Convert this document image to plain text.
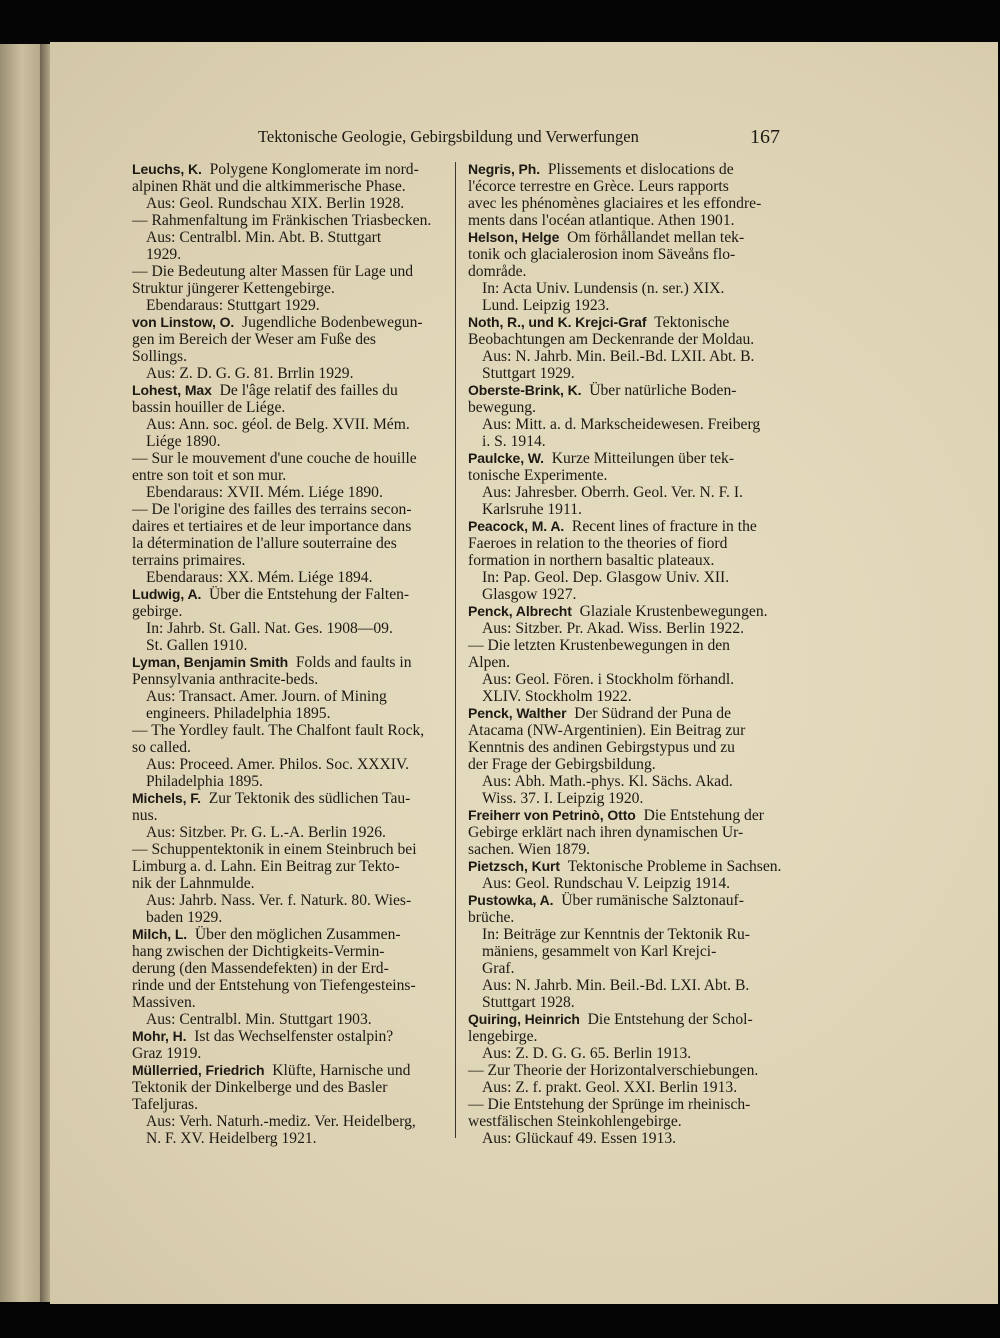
Tektonische Geologie, Gebirgsbildung und Verwerfungen	167
Leuchs, K.  Polygene Konglomerate im nord-
alpinen Rhät und die altkimmerische Phase.
Aus: Geol. Rundschau XIX. Berlin 1928.
— Rahmenfaltung im Fränkischen Triasbecken.
Aus: Centralbl. Min. Abt. B. Stuttgart
1929.
— Die Bedeutung alter Massen für Lage und
Struktur jüngerer Kettengebirge.
Ebendaraus: Stuttgart 1929.
von Linstow, O.  Jugendliche Bodenbewegun-
gen im Bereich der Weser am Fuße des
Sollings.
Aus: Z. D. G. G. 81. Brrlin 1929.
Lohest, Max  De l'âge relatif des failles du
bassin houiller de Liége.
Aus: Ann. soc. géol. de Belg. XVII. Mém.
Liége 1890.
— Sur le mouvement d'une couche de houille
entre son toit et son mur.
Ebendaraus: XVII. Mém. Liége 1890.
— De l'origine des failles des terrains secon-
daires et tertiaires et de leur importance dans
la détermination de l'allure souterraine des
terrains primaires.
Ebendaraus: XX. Mém. Liége 1894.
Ludwig, A.  Über die Entstehung der Falten-
gebirge.
In: Jahrb. St. Gall. Nat. Ges. 1908—09.
St. Gallen 1910.
Lyman, Benjamin Smith  Folds and faults in
Pennsylvania anthracite-beds.
Aus: Transact. Amer. Journ. of Mining
engineers. Philadelphia 1895.
— The Yordley fault. The Chalfont fault Rock,
so called.
Aus: Proceed. Amer. Philos. Soc. XXXIV.
Philadelphia 1895.
Michels, F.  Zur Tektonik des südlichen Tau-
nus.
Aus: Sitzber. Pr. G. L.-A. Berlin 1926.
— Schuppentektonik in einem Steinbruch bei
Limburg a. d. Lahn. Ein Beitrag zur Tekto-
nik der Lahnmulde.
Aus: Jahrb. Nass. Ver. f. Naturk. 80. Wies-
baden 1929.
Milch, L.  Über den möglichen Zusammen-
hang zwischen der Dichtigkeits-Vermin-
derung (den Massendefekten) in der Erd-
rinde und der Entstehung von Tiefengesteins-
Massiven.
Aus: Centralbl. Min. Stuttgart 1903.
Mohr, H.  Ist das Wechselfenster ostalpin?
Graz 1919.
Müllerried, Friedrich  Klüfte, Harnische und
Tektonik der Dinkelberge und des Basler
Tafeljuras.
Aus: Verh. Naturh.-mediz. Ver. Heidelberg,
N. F. XV. Heidelberg 1921.
Negris, Ph.  Plissements et dislocations de
l'écorce terrestre en Grèce. Leurs rapports
avec les phénomènes glaciaires et les effondre-
ments dans l'océan atlantique. Athen 1901.
Helson, Helge  Om förhållandet mellan tek-
tonik och glacialerosion inom Säveåns flo-
dområde.
In: Acta Univ. Lundensis (n. ser.) XIX.
Lund. Leipzig 1923.
Noth, R., und K. Krejci-Graf  Tektonische
Beobachtungen am Deckenrande der Moldau.
Aus: N. Jahrb. Min. Beil.-Bd. LXII. Abt. B.
Stuttgart 1929.
Oberste-Brink, K.  Über natürliche Boden-
bewegung.
Aus: Mitt. a. d. Markscheidewesen. Freiberg
i. S. 1914.
Paulcke, W.  Kurze Mitteilungen über tek-
tonische Experimente.
Aus: Jahresber. Oberrh. Geol. Ver. N. F. I.
Karlsruhe 1911.
Peacock, M. A.  Recent lines of fracture in the
Faeroes in relation to the theories of fiord
formation in northern basaltic plateaux.
In: Pap. Geol. Dep. Glasgow Univ. XII.
Glasgow 1927.
Penck, Albrecht  Glaziale Krustenbewegungen.
Aus: Sitzber. Pr. Akad. Wiss. Berlin 1922.
— Die letzten Krustenbewegungen in den
Alpen.
Aus: Geol. Fören. i Stockholm förhandl.
XLIV. Stockholm 1922.
Penck, Walther  Der Südrand der Puna de
Atacama (NW-Argentinien). Ein Beitrag zur
Kenntnis des andinen Gebirgstypus und zu
der Frage der Gebirgsbildung.
Aus: Abh. Math.-phys. Kl. Sächs. Akad.
Wiss. 37. I. Leipzig 1920.
Freiherr von Petrinò, Otto  Die Entstehung der
Gebirge erklärt nach ihren dynamischen Ur-
sachen. Wien 1879.
Pietzsch, Kurt  Tektonische Probleme in Sachsen.
Aus: Geol. Rundschau V. Leipzig 1914.
Pustowka, A.  Über rumänische Salztonauf-
brüche.
In: Beiträge zur Kenntnis der Tektonik Ru-
mäniens, gesammelt von Karl Krejci-
Graf.
Aus: N. Jahrb. Min. Beil.-Bd. LXI. Abt. B.
Stuttgart 1928.
Quiring, Heinrich  Die Entstehung der Schol-
lengebirge.
Aus: Z. D. G. G. 65. Berlin 1913.
— Zur Theorie der Horizontalverschiebungen.
Aus: Z. f. prakt. Geol. XXI. Berlin 1913.
— Die Entstehung der Sprünge im rheinisch-
westfälischen Steinkohlengebirge.
Aus: Glückauf 49. Essen 1913.
